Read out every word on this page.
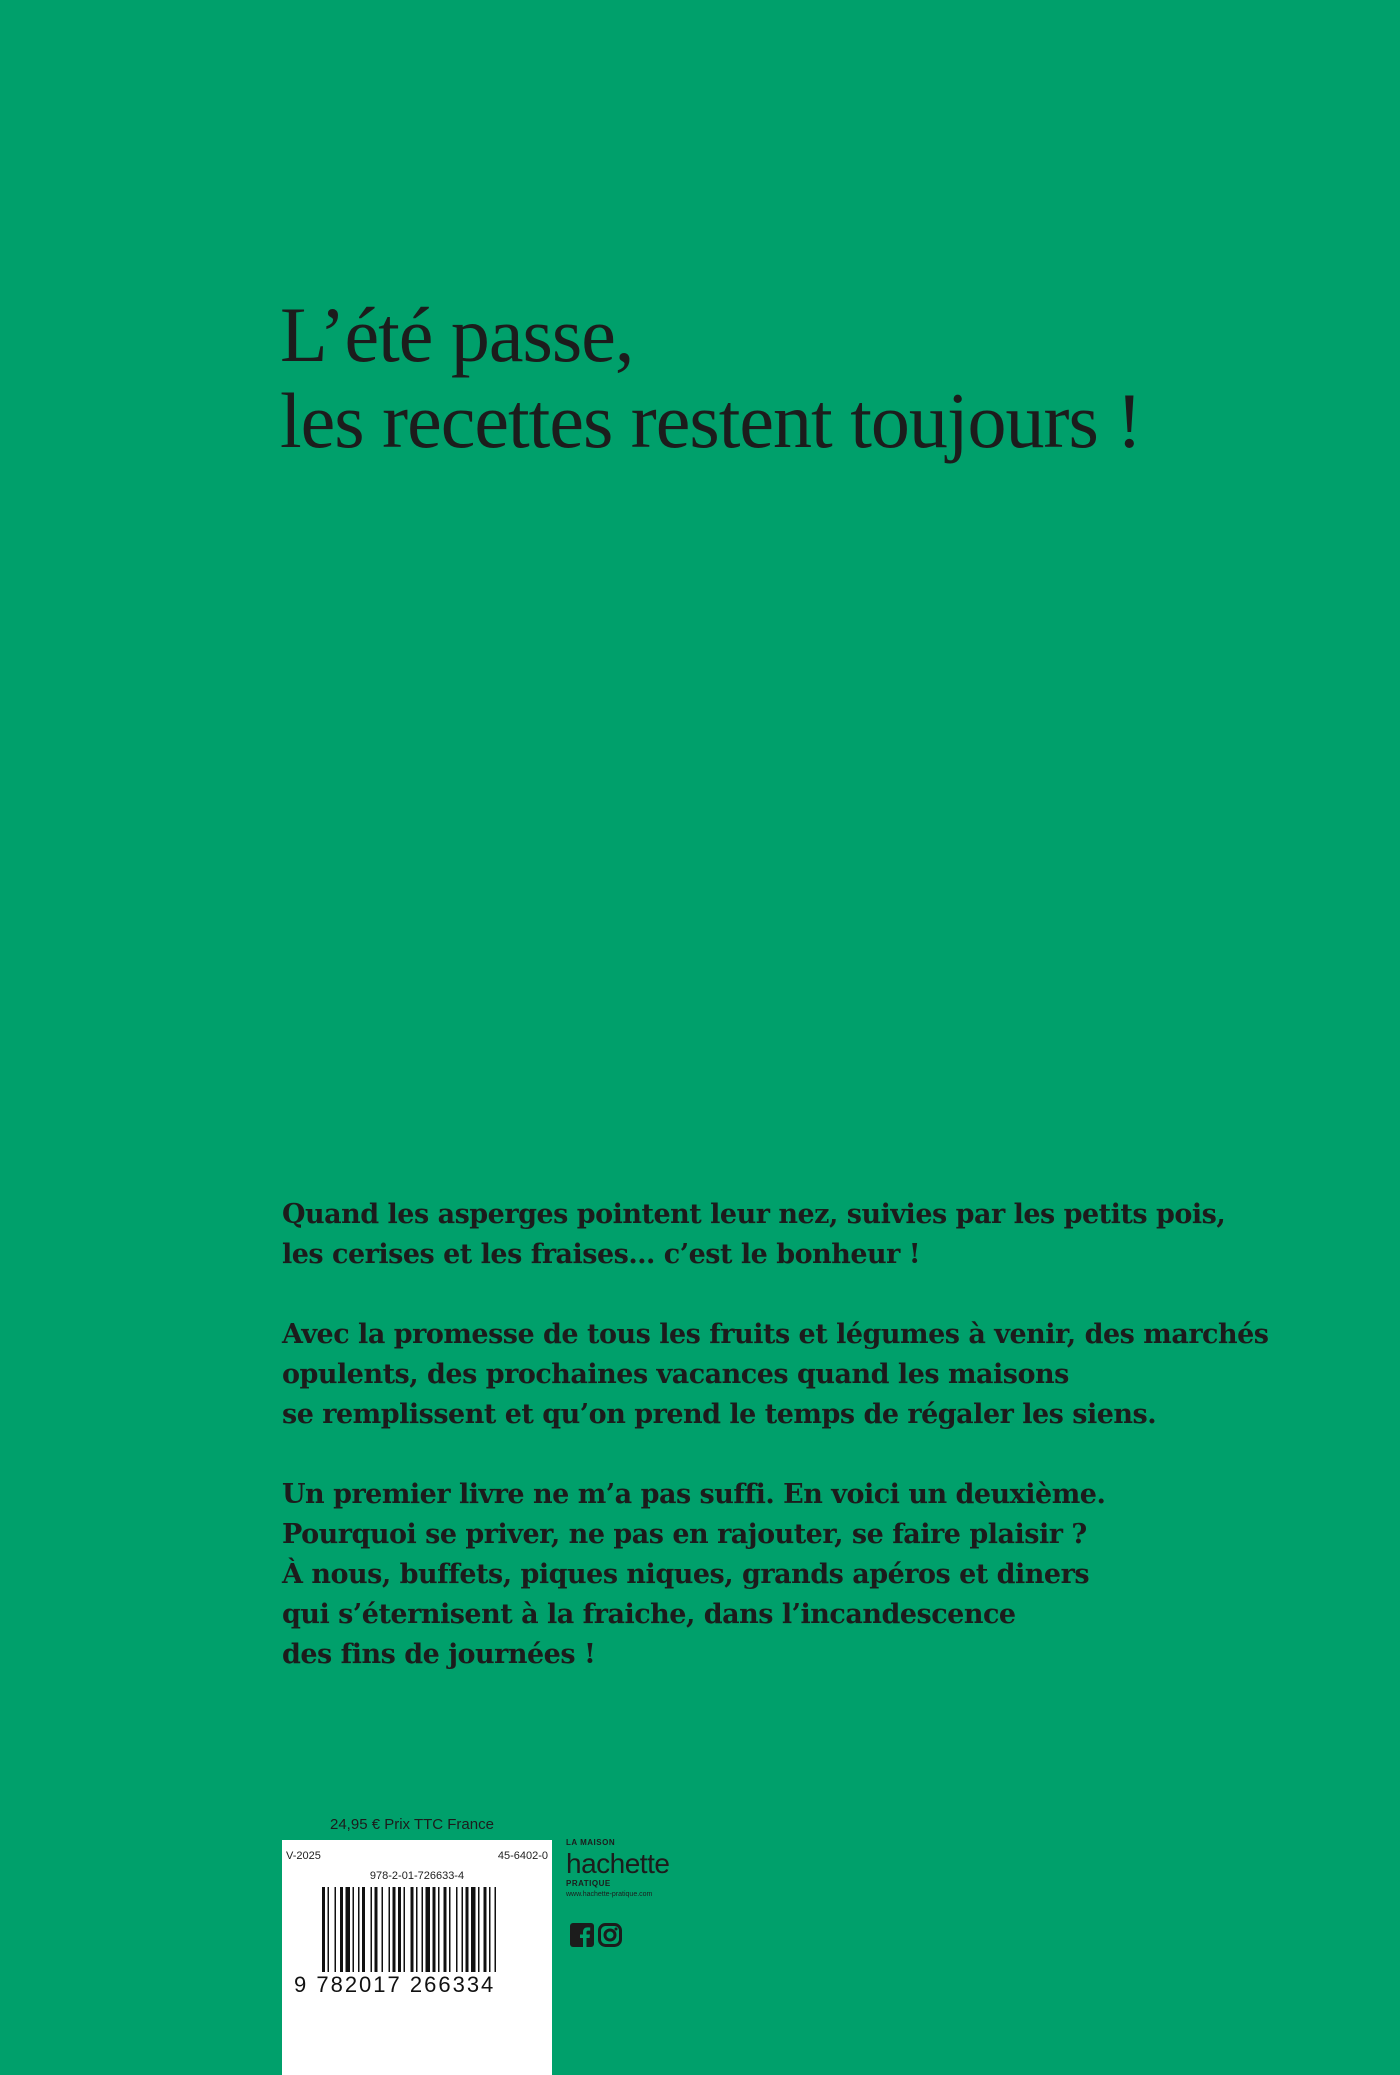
L’été passe,
les recettes restent toujours !

Quand les asperges pointent leur nez, suivies par les petits pois,
les cerises et les fraises… c’est le bonheur !

Avec la promesse de tous les fruits et légumes à venir, des marchés
opulents, des prochaines vacances quand les maisons
se remplissent et qu’on prend le temps de régaler les siens.

Un premier livre ne m’a pas suffi. En voici un deuxième.
Pourquoi se priver, ne pas en rajouter, se faire plaisir ?
À nous, buffets, piques niques, grands apéros et diners
qui s’éternisent à la fraiche, dans l’incandescence
des fins de journées !

24,95 € Prix TTC France
V-2025	45-6402-0
978-2-01-726633-4
9 782017 266334
LA MAISON
hachette
PRATIQUE
www.hachette-pratique.com
